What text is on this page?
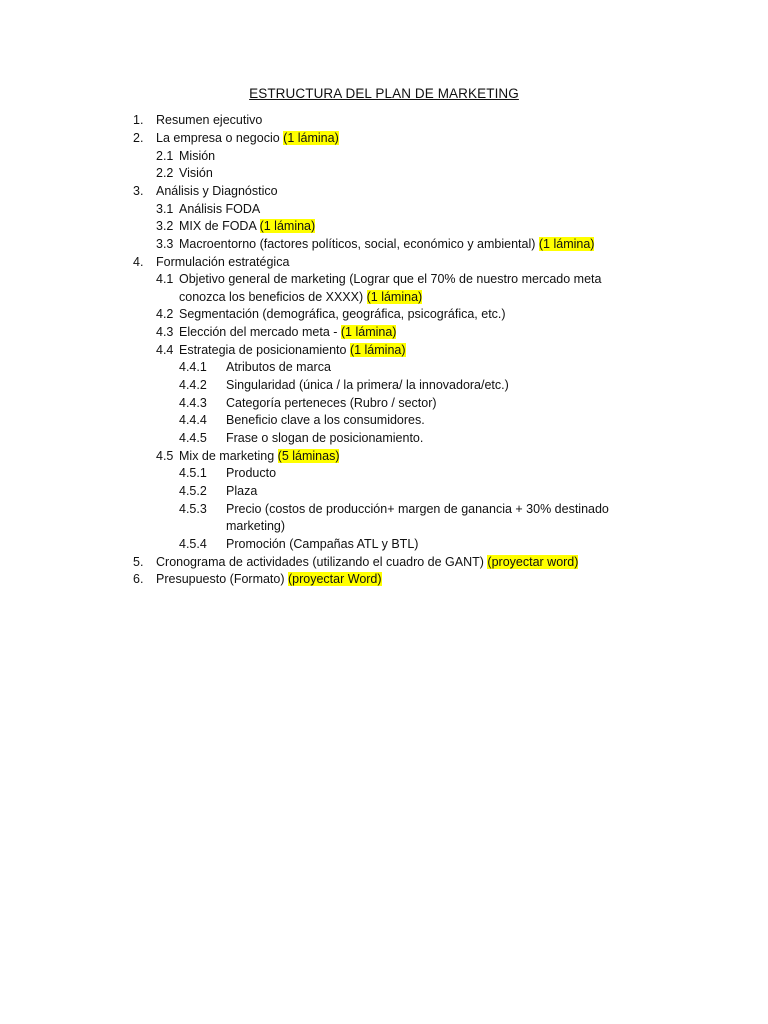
ESTRUCTURA DEL PLAN DE MARKETING
1. Resumen ejecutivo
2. La empresa o negocio (1 lámina)
2.1 Misión
2.2 Visión
3. Análisis y Diagnóstico
3.1 Análisis FODA
3.2 MIX de FODA (1 lámina)
3.3 Macroentorno (factores políticos, social, económico y ambiental) (1 lámina)
4. Formulación estratégica
4.1 Objetivo general de marketing (Lograr que el 70% de nuestro mercado meta
conozca los beneficios de XXXX) (1 lámina)
4.2 Segmentación (demográfica, geográfica, psicográfica, etc.)
4.3 Elección del mercado meta - (1 lámina)
4.4 Estrategia de posicionamiento (1 lámina)
4.4.1 Atributos de marca
4.4.2 Singularidad (única / la primera/ la innovadora/etc.)
4.4.3 Categoría perteneces (Rubro / sector)
4.4.4 Beneficio clave a los consumidores.
4.4.5 Frase o slogan de posicionamiento.
4.5 Mix de marketing (5 láminas)
4.5.1 Producto
4.5.2 Plaza
4.5.3 Precio (costos de producción+ margen de ganancia + 30% destinado
marketing)
4.5.4 Promoción (Campañas ATL y BTL)
5. Cronograma de actividades (utilizando el cuadro de GANT) (proyectar word)
6. Presupuesto (Formato) (proyectar Word)
